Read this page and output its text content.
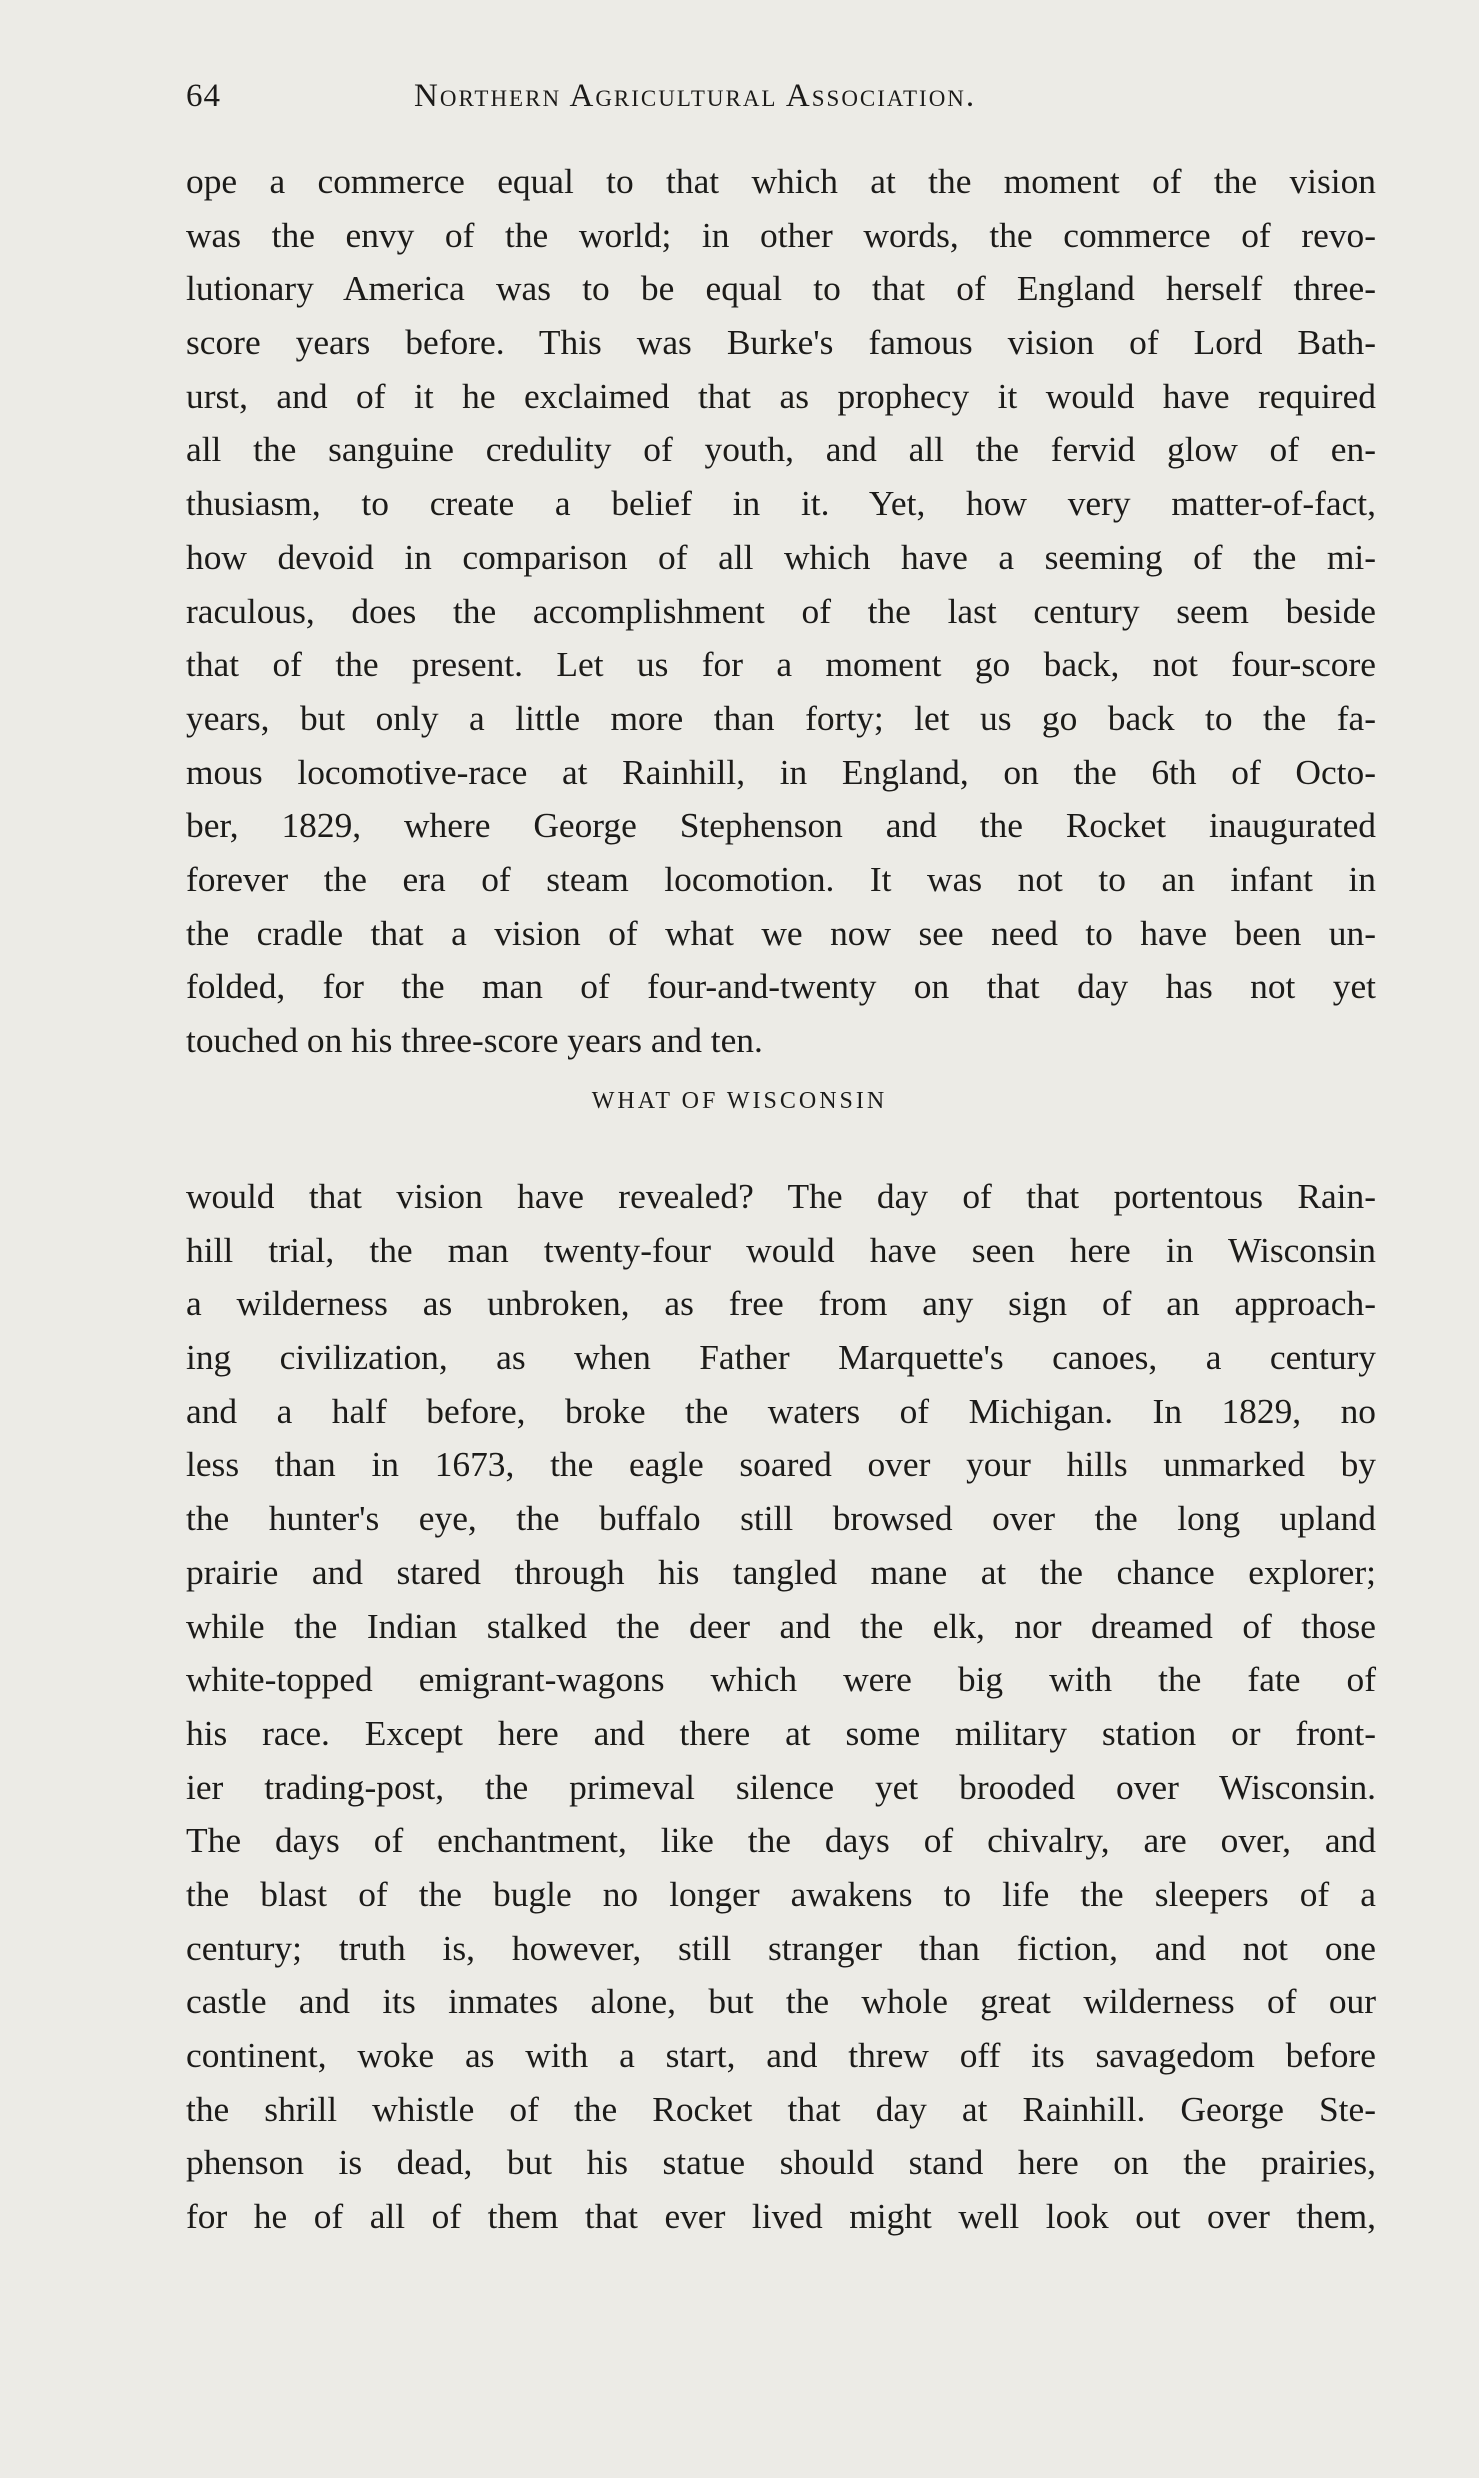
64	Northern Agricultural Association.
ope a commerce equal to that which at the moment of the vision
was the envy of the world; in other words, the commerce of revo-
lutionary America was to be equal to that of England herself three-
score years before. This was Burke's famous vision of Lord Bath-
urst, and of it he exclaimed that as prophecy it would have required
all the sanguine credulity of youth, and all the fervid glow of en-
thusiasm, to create a belief in it. Yet, how very matter-of-fact,
how devoid in comparison of all which have a seeming of the mi-
raculous, does the accomplishment of the last century seem beside
that of the present. Let us for a moment go back, not four-score
years, but only a little more than forty; let us go back to the fa-
mous locomotive-race at Rainhill, in England, on the 6th of Octo-
ber, 1829, where George Stephenson and the Rocket inaugurated
forever the era of steam locomotion. It was not to an infant in
the cradle that a vision of what we now see need to have been un-
folded, for the man of four-and-twenty on that day has not yet
touched on his three-score years and ten.
WHAT OF WISCONSIN
would that vision have revealed? The day of that portentous Rain-
hill trial, the man twenty-four would have seen here in Wisconsin
a wilderness as unbroken, as free from any sign of an approach-
ing civilization, as when Father Marquette's canoes, a century
and a half before, broke the waters of Michigan. In 1829, no
less than in 1673, the eagle soared over your hills unmarked by
the hunter's eye, the buffalo still browsed over the long upland
prairie and stared through his tangled mane at the chance explorer;
while the Indian stalked the deer and the elk, nor dreamed of those
white-topped emigrant-wagons which were big with the fate of
his race. Except here and there at some military station or front-
ier trading-post, the primeval silence yet brooded over Wisconsin.
The days of enchantment, like the days of chivalry, are over, and
the blast of the bugle no longer awakens to life the sleepers of a
century; truth is, however, still stranger than fiction, and not one
castle and its inmates alone, but the whole great wilderness of our
continent, woke as with a start, and threw off its savagedom before
the shrill whistle of the Rocket that day at Rainhill. George Ste-
phenson is dead, but his statue should stand here on the prairies,
for he of all of them that ever lived might well look out over them,
